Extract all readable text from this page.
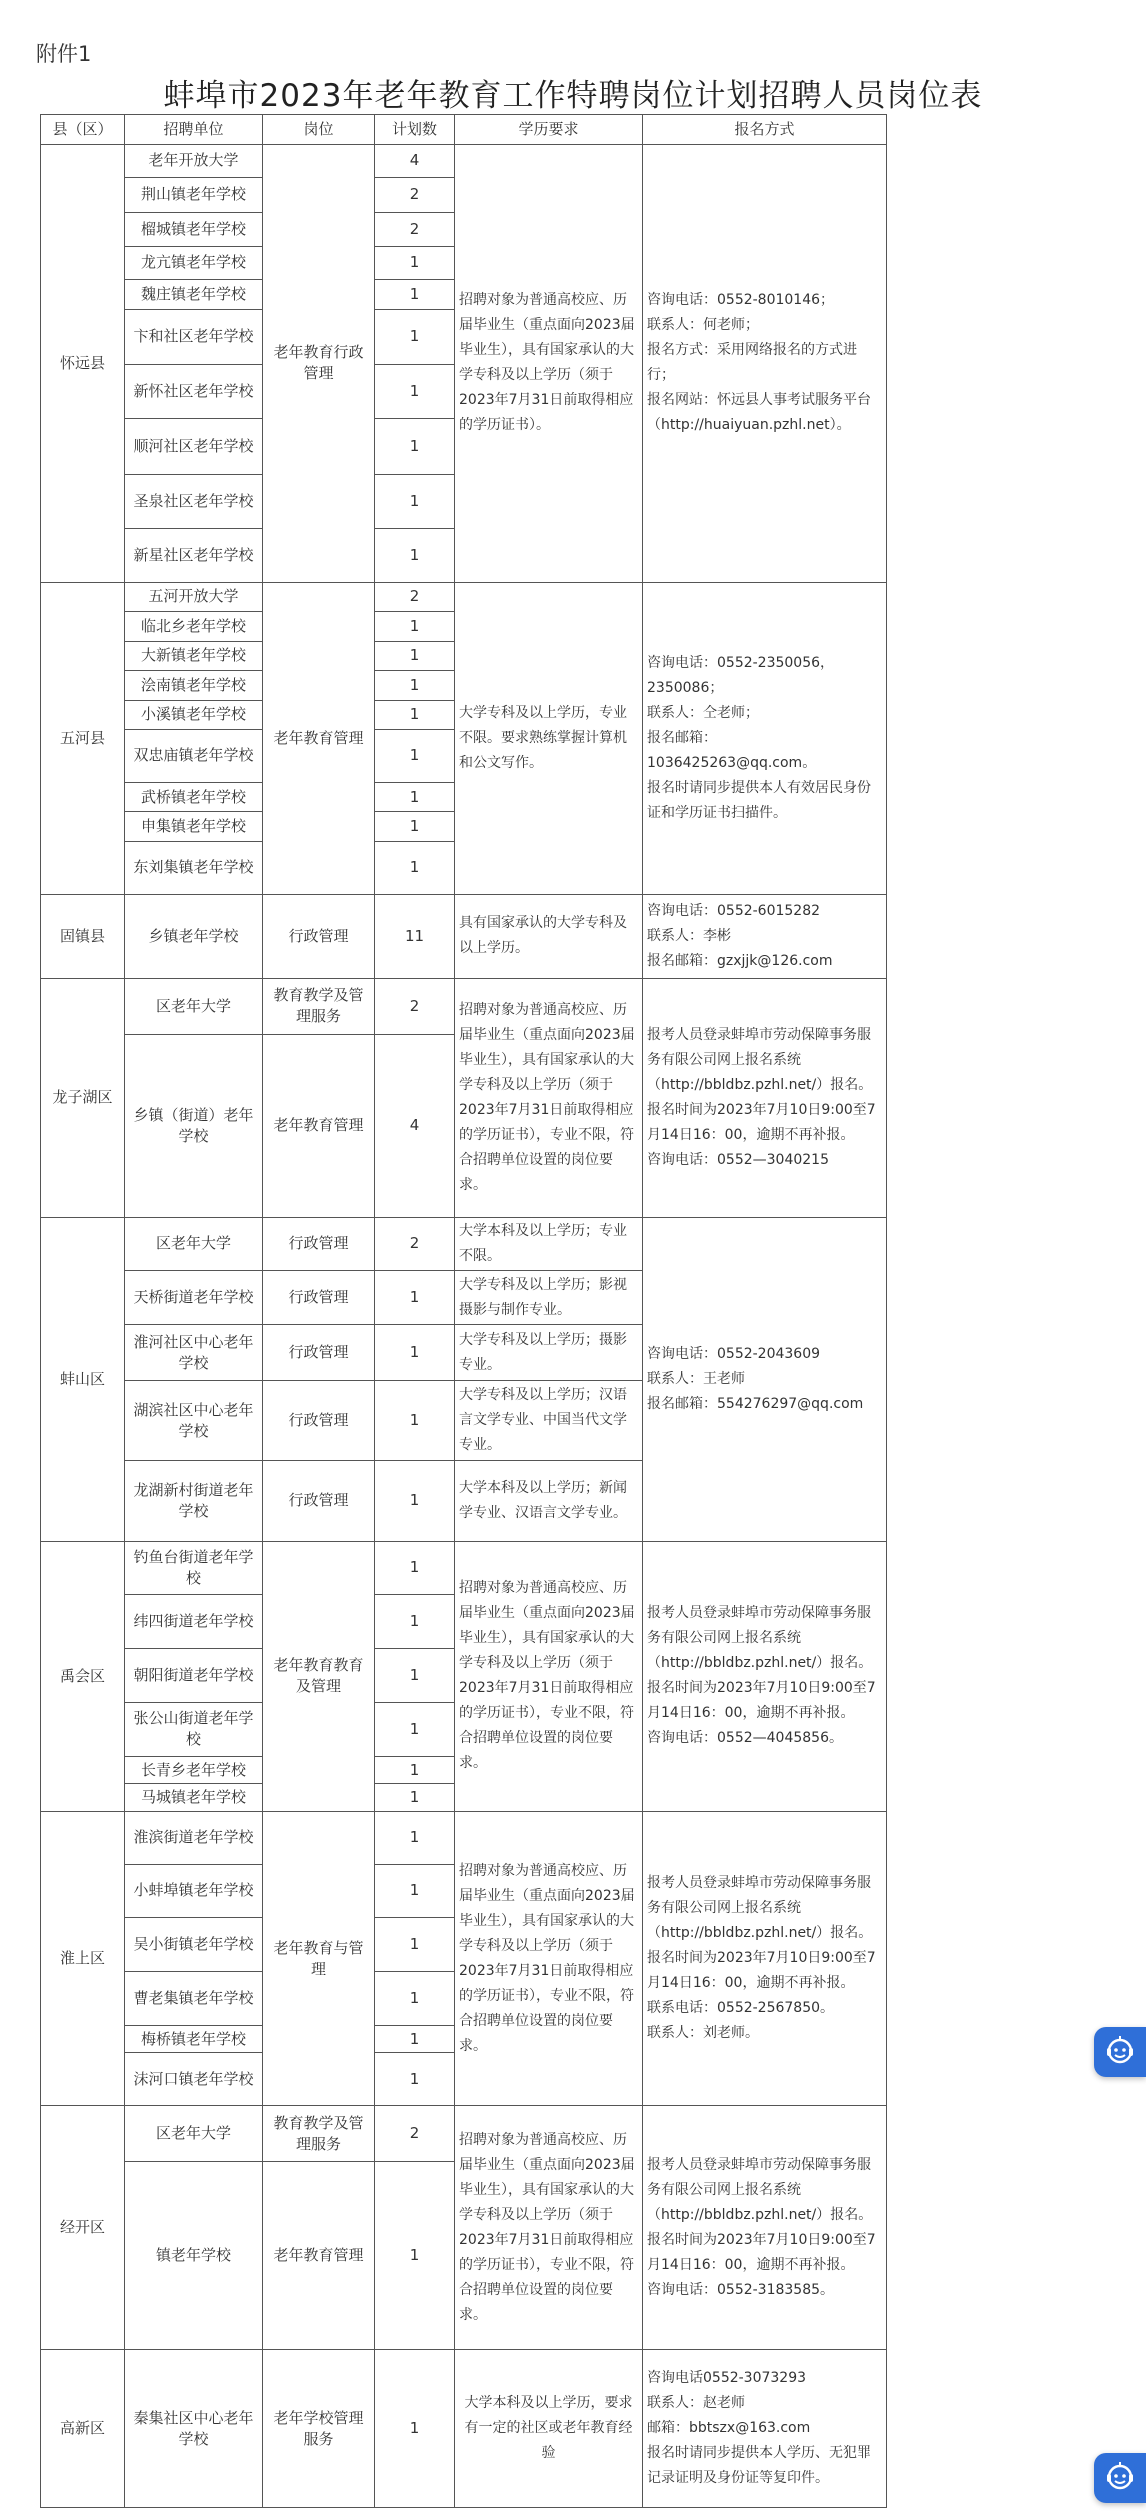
附件1
蚌埠市2023年老年教育工作特聘岗位计划招聘人员岗位表
县（区）	招聘单位	岗位	计划数	学历要求	报名方式
怀远县	老年开放大学	老年教育行政管理	4	招聘对象为普通高校应、历届毕业生（重点面向2023届毕业生），具有国家承认的大学专科及以上学历（须于2023年7月31日前取得相应的学历证书）。	咨询电话：0552-8010146；
联系人：何老师；
报名方式：采用网络报名的方式进行；
报名网站：怀远县人事考试服务平台（http://huaiyuan.pzhl.net）。
	荆山镇老年学校		2		
	榴城镇老年学校		2		
	龙亢镇老年学校		1		
	魏庄镇老年学校		1		
	卞和社区老年学校		1		
	新怀社区老年学校		1		
	顺河社区老年学校		1		
	圣泉社区老年学校		1		
	新星社区老年学校		1		
五河县	五河开放大学	老年教育管理	2	大学专科及以上学历，专业不限。要求熟练掌握计算机和公文写作。	咨询电话：0552-2350056，2350086；
联系人：仝老师；
报名邮箱：1036425263@qq.com。
报名时请同步提供本人有效居民身份证和学历证书扫描件。
	临北乡老年学校		1		
	大新镇老年学校		1		
	浍南镇老年学校		1		
	小溪镇老年学校		1		
	双忠庙镇老年学校		1		
	武桥镇老年学校		1		
	申集镇老年学校		1		
	东刘集镇老年学校		1		
固镇县	乡镇老年学校	行政管理	11	具有国家承认的大学专科及以上学历。	咨询电话：0552-6015282
联系人：李彬
报名邮箱：gzxjjk@126.com
龙子湖区	区老年大学	教育教学及管理服务	2	招聘对象为普通高校应、历届毕业生（重点面向2023届毕业生），具有国家承认的大学专科及以上学历（须于2023年7月31日前取得相应的学历证书），专业不限，符合招聘单位设置的岗位要求。	报考人员登录蚌埠市劳动保障事务服务有限公司网上报名系统（http://bbldbz.pzhl.net/）报名。
报名时间为2023年7月10日9:00至7月14日16：00，逾期不再补报。
咨询电话：0552—3040215
	乡镇（街道）老年学校	老年教育管理	4		
蚌山区	区老年大学	行政管理	2	大学本科及以上学历；专业不限。	咨询电话：0552-2043609
联系人：王老师
报名邮箱：554276297@qq.com
	天桥街道老年学校	行政管理	1	大学专科及以上学历；影视摄影与制作专业。	
	淮河社区中心老年学校	行政管理	1	大学专科及以上学历；摄影专业。	
	湖滨社区中心老年学校	行政管理	1	大学专科及以上学历；汉语言文学专业、中国当代文学专业。	
	龙湖新村街道老年学校	行政管理	1	大学本科及以上学历；新闻学专业、汉语言文学专业。	
禹会区	钓鱼台街道老年学校	老年教育教育及管理	1	招聘对象为普通高校应、历届毕业生（重点面向2023届毕业生），具有国家承认的大学专科及以上学历（须于2023年7月31日前取得相应的学历证书），专业不限，符合招聘单位设置的岗位要求。	报考人员登录蚌埠市劳动保障事务服务有限公司网上报名系统（http://bbldbz.pzhl.net/）报名。
报名时间为2023年7月10日9:00至7月14日16：00，逾期不再补报。
咨询电话：0552—4045856。
	纬四街道老年学校		1		
	朝阳街道老年学校		1		
	张公山街道老年学校		1		
	长青乡老年学校		1		
	马城镇老年学校		1		
淮上区	淮滨街道老年学校	老年教育与管理	1	招聘对象为普通高校应、历届毕业生（重点面向2023届毕业生），具有国家承认的大学专科及以上学历（须于2023年7月31日前取得相应的学历证书），专业不限，符合招聘单位设置的岗位要求。	报考人员登录蚌埠市劳动保障事务服务有限公司网上报名系统（http://bbldbz.pzhl.net/）报名。
报名时间为2023年7月10日9:00至7月14日16：00，逾期不再补报。
联系电话：0552-2567850。
联系人：刘老师。
	小蚌埠镇老年学校		1		
	吴小街镇老年学校		1		
	曹老集镇老年学校		1		
	梅桥镇老年学校		1		
	沫河口镇老年学校		1		
经开区	区老年大学	教育教学及管理服务	2	招聘对象为普通高校应、历届毕业生（重点面向2023届毕业生），具有国家承认的大学专科及以上学历（须于2023年7月31日前取得相应的学历证书），专业不限，符合招聘单位设置的岗位要求。	报考人员登录蚌埠市劳动保障事务服务有限公司网上报名系统（http://bbldbz.pzhl.net/）报名。
报名时间为2023年7月10日9:00至7月14日16：00，逾期不再补报。
咨询电话：0552-3183585。
	镇老年学校	老年教育管理	1		
高新区	秦集社区中心老年学校	老年学校管理服务	1	大学本科及以上学历，要求有一定的社区或老年教育经验	咨询电话0552-3073293
联系人：赵老师
邮箱：bbtszx@163.com
报名时请同步提供本人学历、无犯罪记录证明及身份证等复印件。
